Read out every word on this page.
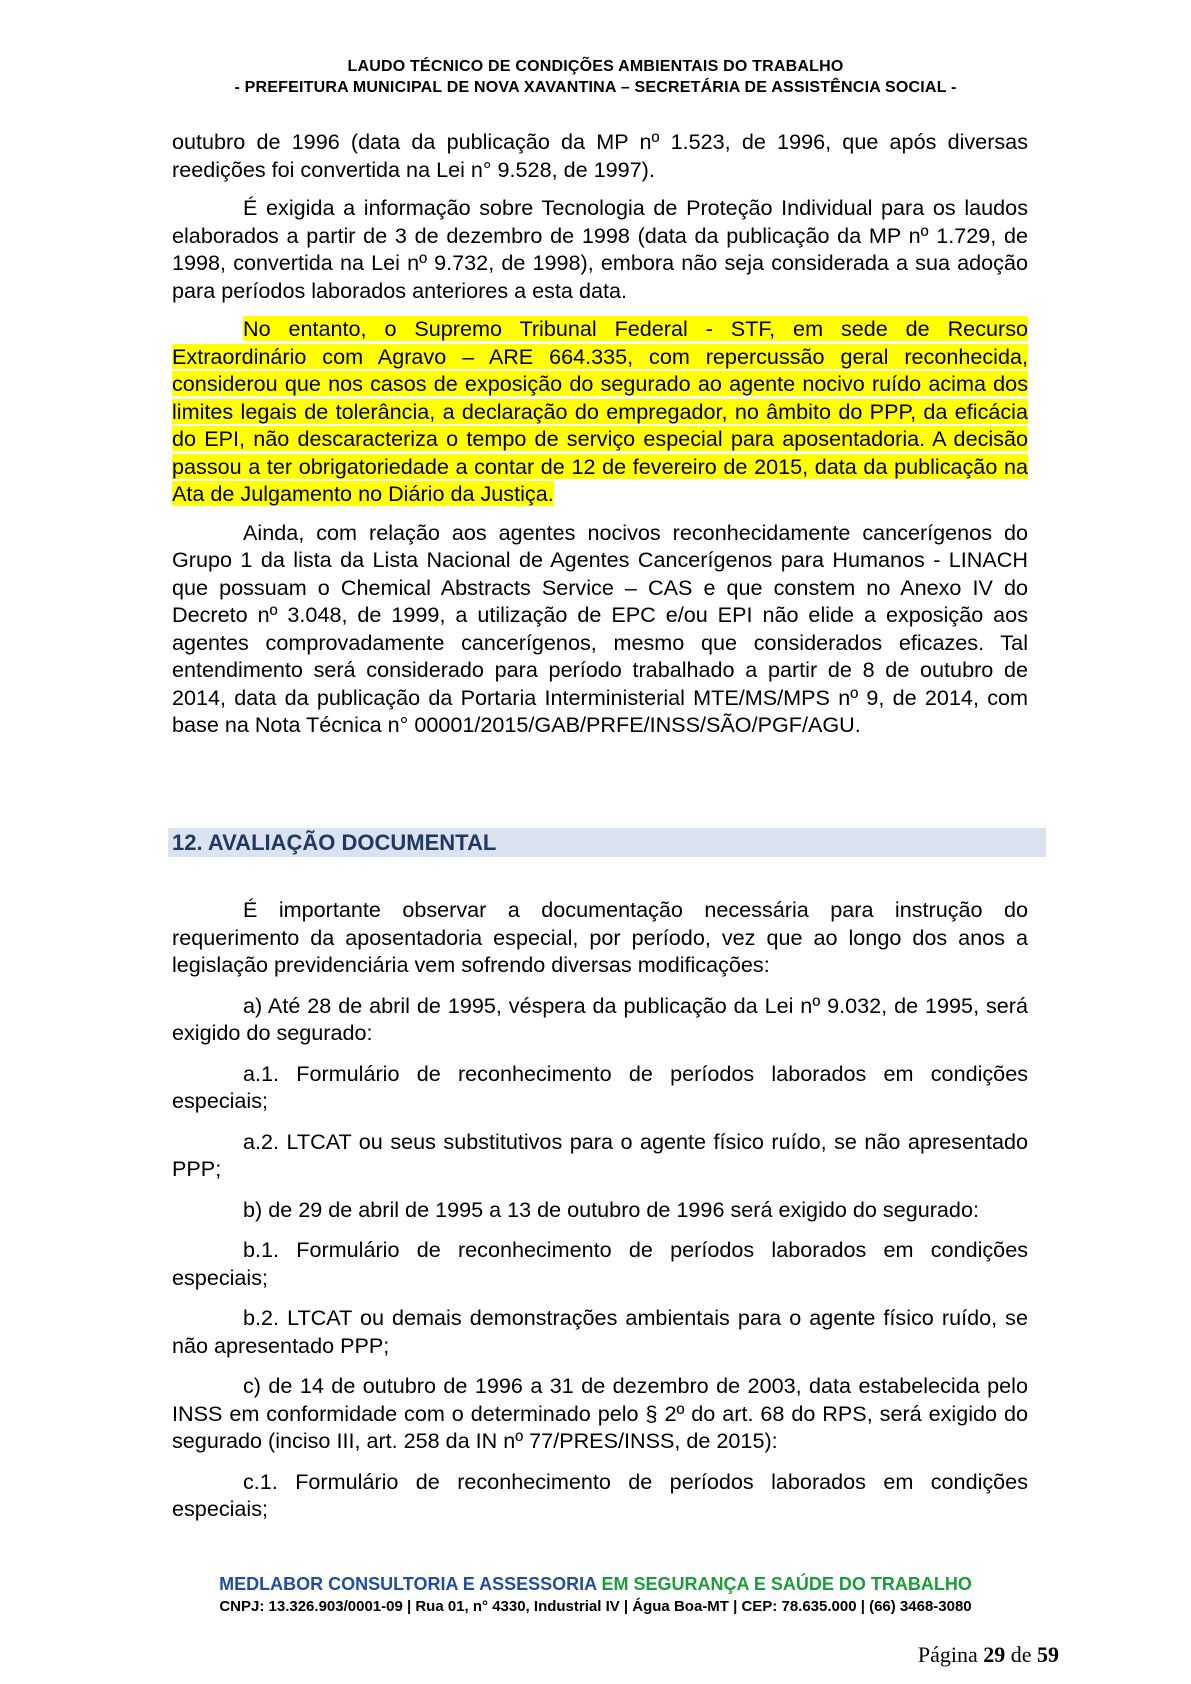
LAUDO TÉCNICO DE CONDIÇÕES AMBIENTAIS DO TRABALHO
- PREFEITURA MUNICIPAL DE NOVA XAVANTINA – SECRETÁRIA DE ASSISTÊNCIA SOCIAL -

outubro de 1996 (data da publicação da MP nº 1.523, de 1996, que após diversas reedições foi convertida na Lei n° 9.528, de 1997).

É exigida a informação sobre Tecnologia de Proteção Individual para os laudos elaborados a partir de 3 de dezembro de 1998 (data da publicação da MP nº 1.729, de 1998, convertida na Lei nº 9.732, de 1998), embora não seja considerada a sua adoção para períodos laborados anteriores a esta data.

No entanto, o Supremo Tribunal Federal - STF, em sede de Recurso Extraordinário com Agravo – ARE 664.335, com repercussão geral reconhecida, considerou que nos casos de exposição do segurado ao agente nocivo ruído acima dos limites legais de tolerância, a declaração do empregador, no âmbito do PPP, da eficácia do EPI, não descaracteriza o tempo de serviço especial para aposentadoria. A decisão passou a ter obrigatoriedade a contar de 12 de fevereiro de 2015, data da publicação na Ata de Julgamento no Diário da Justiça.

Ainda, com relação aos agentes nocivos reconhecidamente cancerígenos do Grupo 1 da lista da Lista Nacional de Agentes Cancerígenos para Humanos - LINACH que possuam o Chemical Abstracts Service – CAS e que constem no Anexo IV do Decreto nº 3.048, de 1999, a utilização de EPC e/ou EPI não elide a exposição aos agentes comprovadamente cancerígenos, mesmo que considerados eficazes. Tal entendimento será considerado para período trabalhado a partir de 8 de outubro de 2014, data da publicação da Portaria Interministerial MTE/MS/MPS nº 9, de 2014, com base na Nota Técnica n° 00001/2015/GAB/PRFE/INSS/SÃO/PGF/AGU.

12. AVALIAÇÃO DOCUMENTAL

É importante observar a documentação necessária para instrução do requerimento da aposentadoria especial, por período, vez que ao longo dos anos a legislação previdenciária vem sofrendo diversas modificações:

a) Até 28 de abril de 1995, véspera da publicação da Lei nº 9.032, de 1995, será exigido do segurado:

a.1. Formulário de reconhecimento de períodos laborados em condições especiais;

a.2. LTCAT ou seus substitutivos para o agente físico ruído, se não apresentado PPP;

b) de 29 de abril de 1995 a 13 de outubro de 1996 será exigido do segurado:

b.1. Formulário de reconhecimento de períodos laborados em condições especiais;

b.2. LTCAT ou demais demonstrações ambientais para o agente físico ruído, se não apresentado PPP;

c) de 14 de outubro de 1996 a 31 de dezembro de 2003, data estabelecida pelo INSS em conformidade com o determinado pelo § 2º do art. 68 do RPS, será exigido do segurado (inciso III, art. 258 da IN nº 77/PRES/INSS, de 2015):

c.1. Formulário de reconhecimento de períodos laborados em condições especiais;

MEDLABOR CONSULTORIA E ASSESSORIA EM SEGURANÇA E SAÚDE DO TRABALHO
CNPJ: 13.326.903/0001-09 | Rua 01, n° 4330, Industrial IV | Água Boa-MT | CEP: 78.635.000 | (66) 3468-3080
Página 29 de 59
